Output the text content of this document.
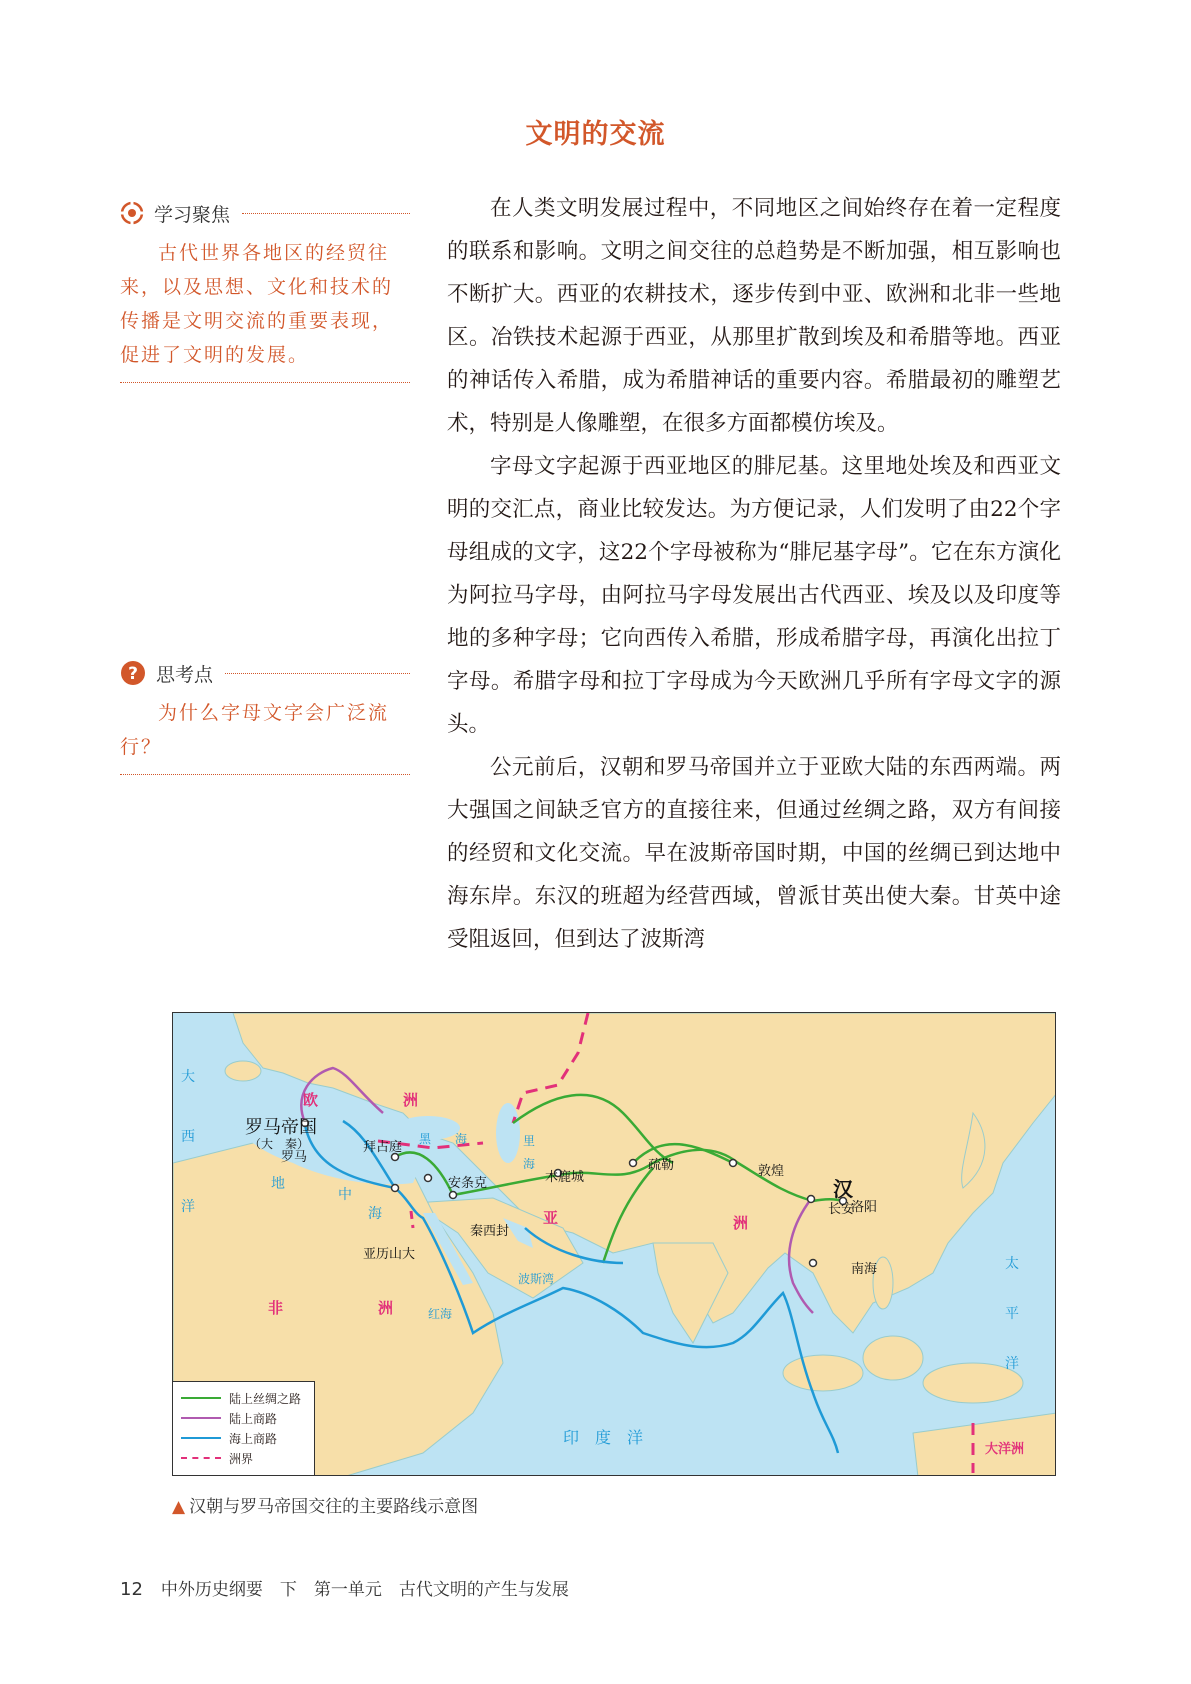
文明的交流
学习聚焦

古代世界各地区的经贸往来，以及思想、文化和技术的传播是文明交流的重要表现，促进了文明的发展。

? 思考点

为什么字母文字会广泛流行？

在人类文明发展过程中，不同地区之间始终存在着一定程度的联系和影响。文明之间交往的总趋势是不断加强，相互影响也不断扩大。西亚的农耕技术，逐步传到中亚、欧洲和北非一些地区。冶铁技术起源于西亚，从那里扩散到埃及和希腊等地。西亚的神话传入希腊，成为希腊神话的重要内容。希腊最初的雕塑艺术，特别是人像雕塑，在很多方面都模仿埃及。

字母文字起源于西亚地区的腓尼基。这里地处埃及和西亚文明的交汇点，商业比较发达。为方便记录，人们发明了由22个字母组成的文字，这22个字母被称为“腓尼基字母”。它在东方演化为阿拉马字母，由阿拉马字母发展出古代西亚、埃及以及印度等地的多种字母；它向西传入希腊，形成希腊字母，再演化出拉丁字母。希腊字母和拉丁字母成为今天欧洲几乎所有字母文字的源头。

公元前后，汉朝和罗马帝国并立于亚欧大陆的东西两端。两大强国之间缺乏官方的直接往来，但通过丝绸之路，双方有间接的经贸和文化交流。早在波斯帝国时期，中国的丝绸已到达地中海东岸。东汉的班超为经营西域，曾派甘英出使大秦。甘英中途受阻返回，但到达了波斯湾

欧	洲
亚	洲
非	洲
大洋洲
大
西
洋
太
平
洋
印　度　洋
地
中
海
黑 海	里
海
波斯湾
红海
罗马帝国
（大　秦）
汉
罗马
拜占庭
安条克
亚历山大
秦西封
木鹿城
疏勒	敦煌
长安
洛阳
南海
陆上丝绸之路
陆上商路
海上商路
洲界
▲ 汉朝与罗马帝国交往的主要路线示意图
12 中外历史纲要　下　第一单元　古代文明的产生与发展
